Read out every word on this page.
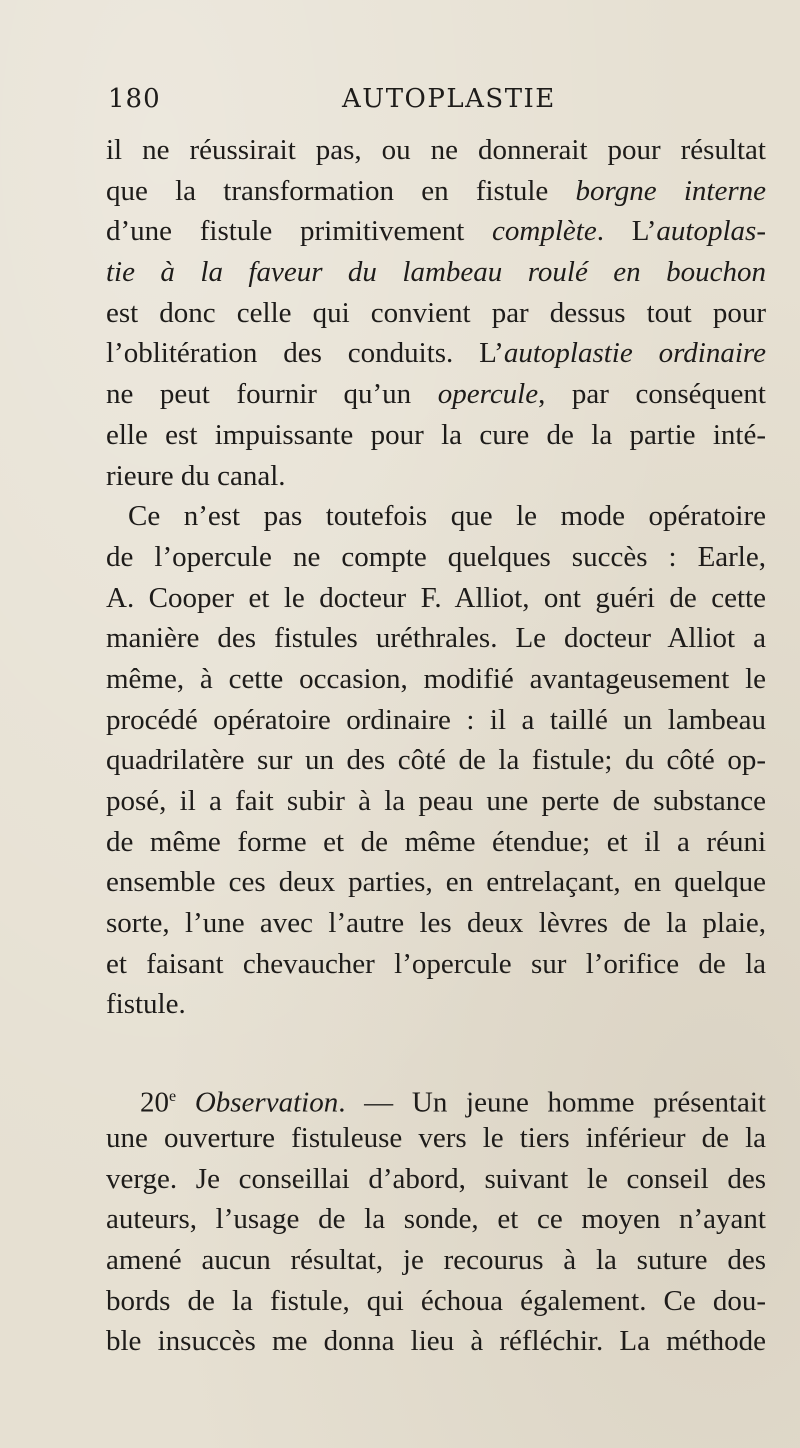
180	AUTOPLASTIE
il ne réussirait pas, ou ne donnerait pour résultat
que la transformation en fistule borgne interne
d’une fistule primitivement complète. L’autoplas-
tie à la faveur du lambeau roulé en bouchon
est donc celle qui convient par dessus tout pour
l’oblitération des conduits. L’autoplastie ordinaire
ne peut fournir qu’un opercule, par conséquent
elle est impuissante pour la cure de la partie inté-
rieure du canal.
Ce n’est pas toutefois que le mode opératoire
de l’opercule ne compte quelques succès : Earle,
A. Cooper et le docteur F. Alliot, ont guéri de cette
manière des fistules uréthrales. Le docteur Alliot a
même, à cette occasion, modifié avantageusement le
procédé opératoire ordinaire : il a taillé un lambeau
quadrilatère sur un des côté de la fistule; du côté op-
posé, il a fait subir à la peau une perte de substance
de même forme et de même étendue; et il a réuni
ensemble ces deux parties, en entrelaçant, en quelque
sorte, l’une avec l’autre les deux lèvres de la plaie,
et faisant chevaucher l’opercule sur l’orifice de la
fistule.
20e Observation. — Un jeune homme présentait
une ouverture fistuleuse vers le tiers inférieur de la
verge. Je conseillai d’abord, suivant le conseil des
auteurs, l’usage de la sonde, et ce moyen n’ayant
amené aucun résultat, je recourus à la suture des
bords de la fistule, qui échoua également. Ce dou-
ble insuccès me donna lieu à réfléchir. La méthode
